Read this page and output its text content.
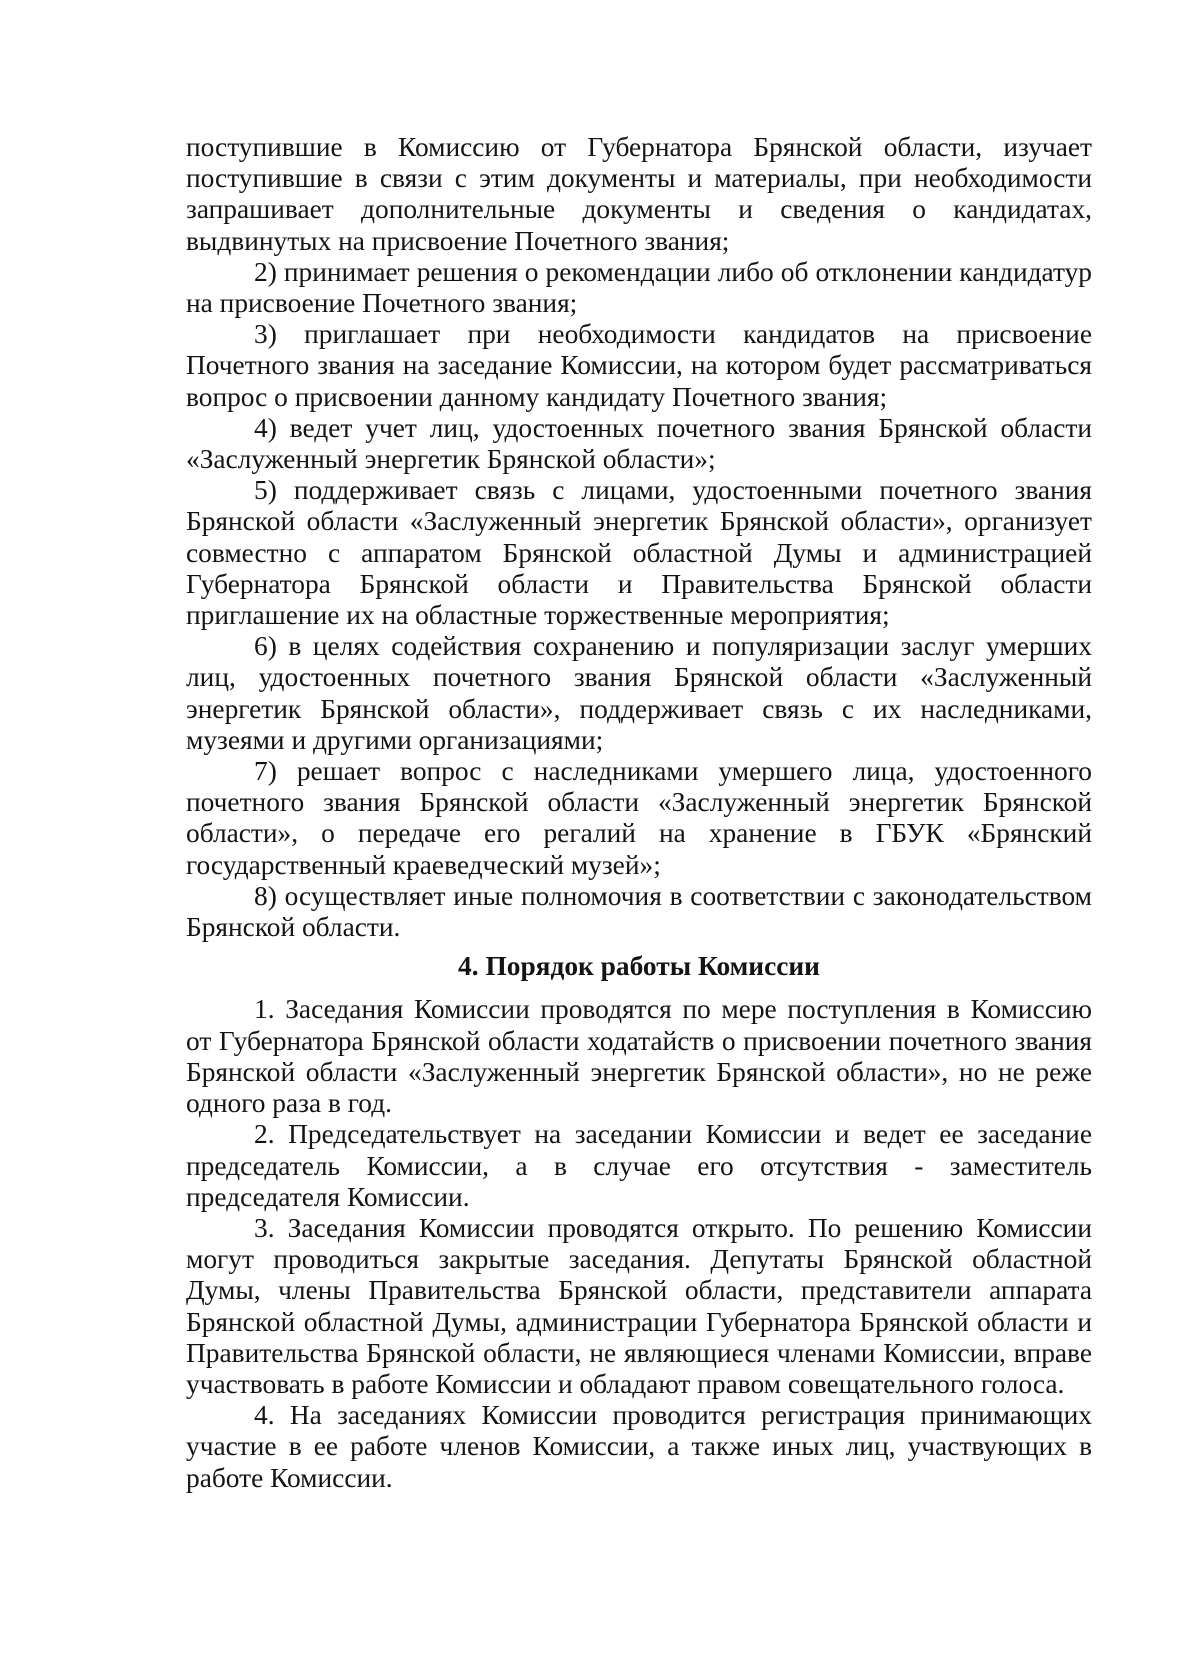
поступившие в Комиссию от Губернатора Брянской области, изучает поступившие в связи с этим документы и материалы, при необходимости запрашивает дополнительные документы и сведения о кандидатах, выдвинутых на присвоение Почетного звания;

2) принимает решения о рекомендации либо об отклонении кандидатур на присвоение Почетного звания;

3) приглашает при необходимости кандидатов на присвоение Почетного звания на заседание Комиссии, на котором будет рассматриваться вопрос о присвоении данному кандидату Почетного звания;

4) ведет учет лиц, удостоенных почетного звания Брянской области «Заслуженный энергетик Брянской области»;

5) поддерживает связь с лицами, удостоенными почетного звания Брянской области «Заслуженный энергетик Брянской области», организует совместно с аппаратом Брянской областной Думы и администрацией Губернатора Брянской области и Правительства Брянской области приглашение их на областные торжественные мероприятия;

6) в целях содействия сохранению и популяризации заслуг умерших лиц, удостоенных почетного звания Брянской области «Заслуженный энергетик Брянской области», поддерживает связь с их наследниками, музеями и другими организациями;

7) решает вопрос с наследниками умершего лица, удостоенного почетного звания Брянской области «Заслуженный энергетик Брянской области», о передаче его регалий на хранение в ГБУК «Брянский государственный краеведческий музей»;

8) осуществляет иные полномочия в соответствии с законодательством Брянской области.

4. Порядок работы Комиссии

1. Заседания Комиссии проводятся по мере поступления в Комиссию от Губернатора Брянской области ходатайств о присвоении почетного звания Брянской области «Заслуженный энергетик Брянской области», но не реже одного раза в год.

2. Председательствует на заседании Комиссии и ведет ее заседание председатель Комиссии, а в случае его отсутствия - заместитель председателя Комиссии.

3. Заседания Комиссии проводятся открыто. По решению Комиссии могут проводиться закрытые заседания. Депутаты Брянской областной Думы, члены Правительства Брянской области, представители аппарата Брянской областной Думы, администрации Губернатора Брянской области и Правительства Брянской области, не являющиеся членами Комиссии, вправе участвовать в работе Комиссии и обладают правом совещательного голоса.

4. На заседаниях Комиссии проводится регистрация принимающих участие в ее работе членов Комиссии, а также иных лиц, участвующих в работе Комиссии.
